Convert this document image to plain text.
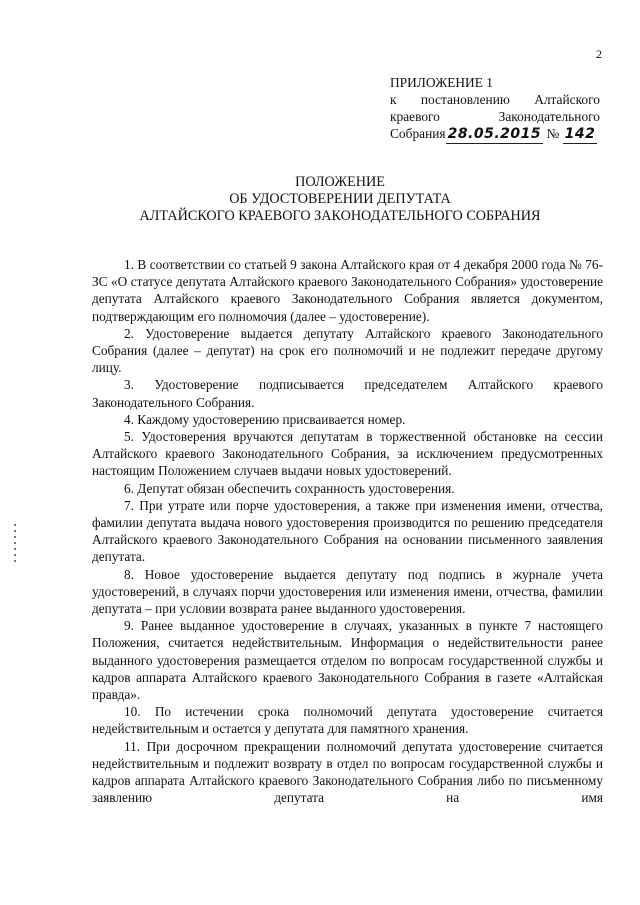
2
ПРИЛОЖЕНИЕ 1
к постановлению Алтайского
краевого Законодательного
Собрания 28.05.2015 № 142
ПОЛОЖЕНИЕ
ОБ УДОСТОВЕРЕНИИ ДЕПУТАТА
АЛТАЙСКОГО КРАЕВОГО ЗАКОНОДАТЕЛЬНОГО СОБРАНИЯ

1. В соответствии со статьей 9 закона Алтайского края от 4 декабря 2000 года № 76-ЗС «О статусе депутата Алтайского краевого Законодательного Собрания» удостоверение депутата Алтайского краевого Законодательного Собрания является документом, подтверждающим его полномочия (далее – удостоверение).

2. Удостоверение выдается депутату Алтайского краевого Законодательного Собрания (далее – депутат) на срок его полномочий и не подлежит передаче другому лицу.

3. Удостоверение подписывается председателем Алтайского краевого Законодательного Собрания.

4. Каждому удостоверению присваивается номер.

5. Удостоверения вручаются депутатам в торжественной обстановке на сессии Алтайского краевого Законодательного Собрания, за исключением предусмотренных настоящим Положением случаев выдачи новых удостоверений.

6. Депутат обязан обеспечить сохранность удостоверения.

7. При утрате или порче удостоверения, а также при изменения имени, отчества, фамилии депутата выдача нового удостоверения производится по решению председателя Алтайского краевого Законодательного Собрания на основании письменного заявления депутата.

8. Новое удостоверение выдается депутату под подпись в журнале учета удостоверений, в случаях порчи удостоверения или изменения имени, отчества, фамилии депутата – при условии возврата ранее выданного удостоверения.

9. Ранее выданное удостоверение в случаях, указанных в пункте 7 настоящего Положения, считается недействительным. Информация о недействительности ранее выданного удостоверения размещается отделом по вопросам государственной службы и кадров аппарата Алтайского краевого Законодательного Собрания в газете «Алтайская правда».

10. По истечении срока полномочий депутата удостоверение считается недействительным и остается у депутата для памятного хранения.

11. При досрочном прекращении полномочий депутата удостоверение считается недействительным и подлежит возврату в отдел по вопросам государственной службы и кадров аппарата Алтайского краевого Законодательного Собрания либо по письменному заявлению депутата на имя
